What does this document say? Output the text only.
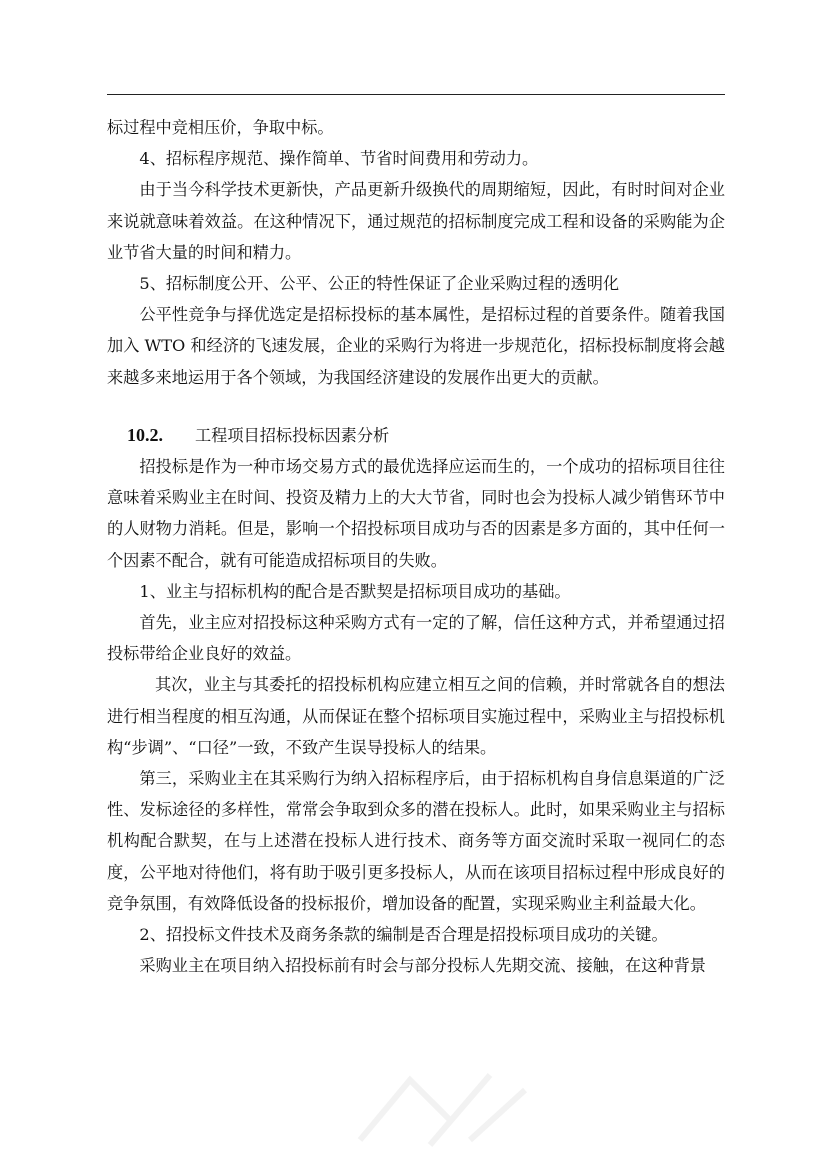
标过程中竞相压价，争取中标。

4、招标程序规范、操作简单、节省时间费用和劳动力。

由于当今科学技术更新快，产品更新升级换代的周期缩短，因此，有时时间对企业来说就意味着效益。在这种情况下，通过规范的招标制度完成工程和设备的采购能为企业节省大量的时间和精力。

5、招标制度公开、公平、公正的特性保证了企业采购过程的透明化

公平性竞争与择优选定是招标投标的基本属性，是招标过程的首要条件。随着我国加入 WTO 和经济的飞速发展，企业的采购行为将进一步规范化，招标投标制度将会越来越多来地运用于各个领域，为我国经济建设的发展作出更大的贡献。

10.2.	工程项目招标投标因素分析

招投标是作为一种市场交易方式的最优选择应运而生的，一个成功的招标项目往往意味着采购业主在时间、投资及精力上的大大节省，同时也会为投标人减少销售环节中的人财物力消耗。但是，影响一个招投标项目成功与否的因素是多方面的，其中任何一个因素不配合，就有可能造成招标项目的失败。

1、业主与招标机构的配合是否默契是招标项目成功的基础。

首先，业主应对招投标这种采购方式有一定的了解，信任这种方式，并希望通过招投标带给企业良好的效益。

其次，业主与其委托的招投标机构应建立相互之间的信赖，并时常就各自的想法进行相当程度的相互沟通，从而保证在整个招标项目实施过程中，采购业主与招投标机构“步调”、“口径”一致，不致产生误导投标人的结果。

第三，采购业主在其采购行为纳入招标程序后，由于招标机构自身信息渠道的广泛性、发标途径的多样性，常常会争取到众多的潜在投标人。此时，如果采购业主与招标机构配合默契，在与上述潜在投标人进行技术、商务等方面交流时采取一视同仁的态度，公平地对待他们，将有助于吸引更多投标人，从而在该项目招标过程中形成良好的竞争氛围，有效降低设备的投标报价，增加设备的配置，实现采购业主利益最大化。

2、招投标文件技术及商务条款的编制是否合理是招投标项目成功的关键。

采购业主在项目纳入招投标前有时会与部分投标人先期交流、接触，在这种背景
